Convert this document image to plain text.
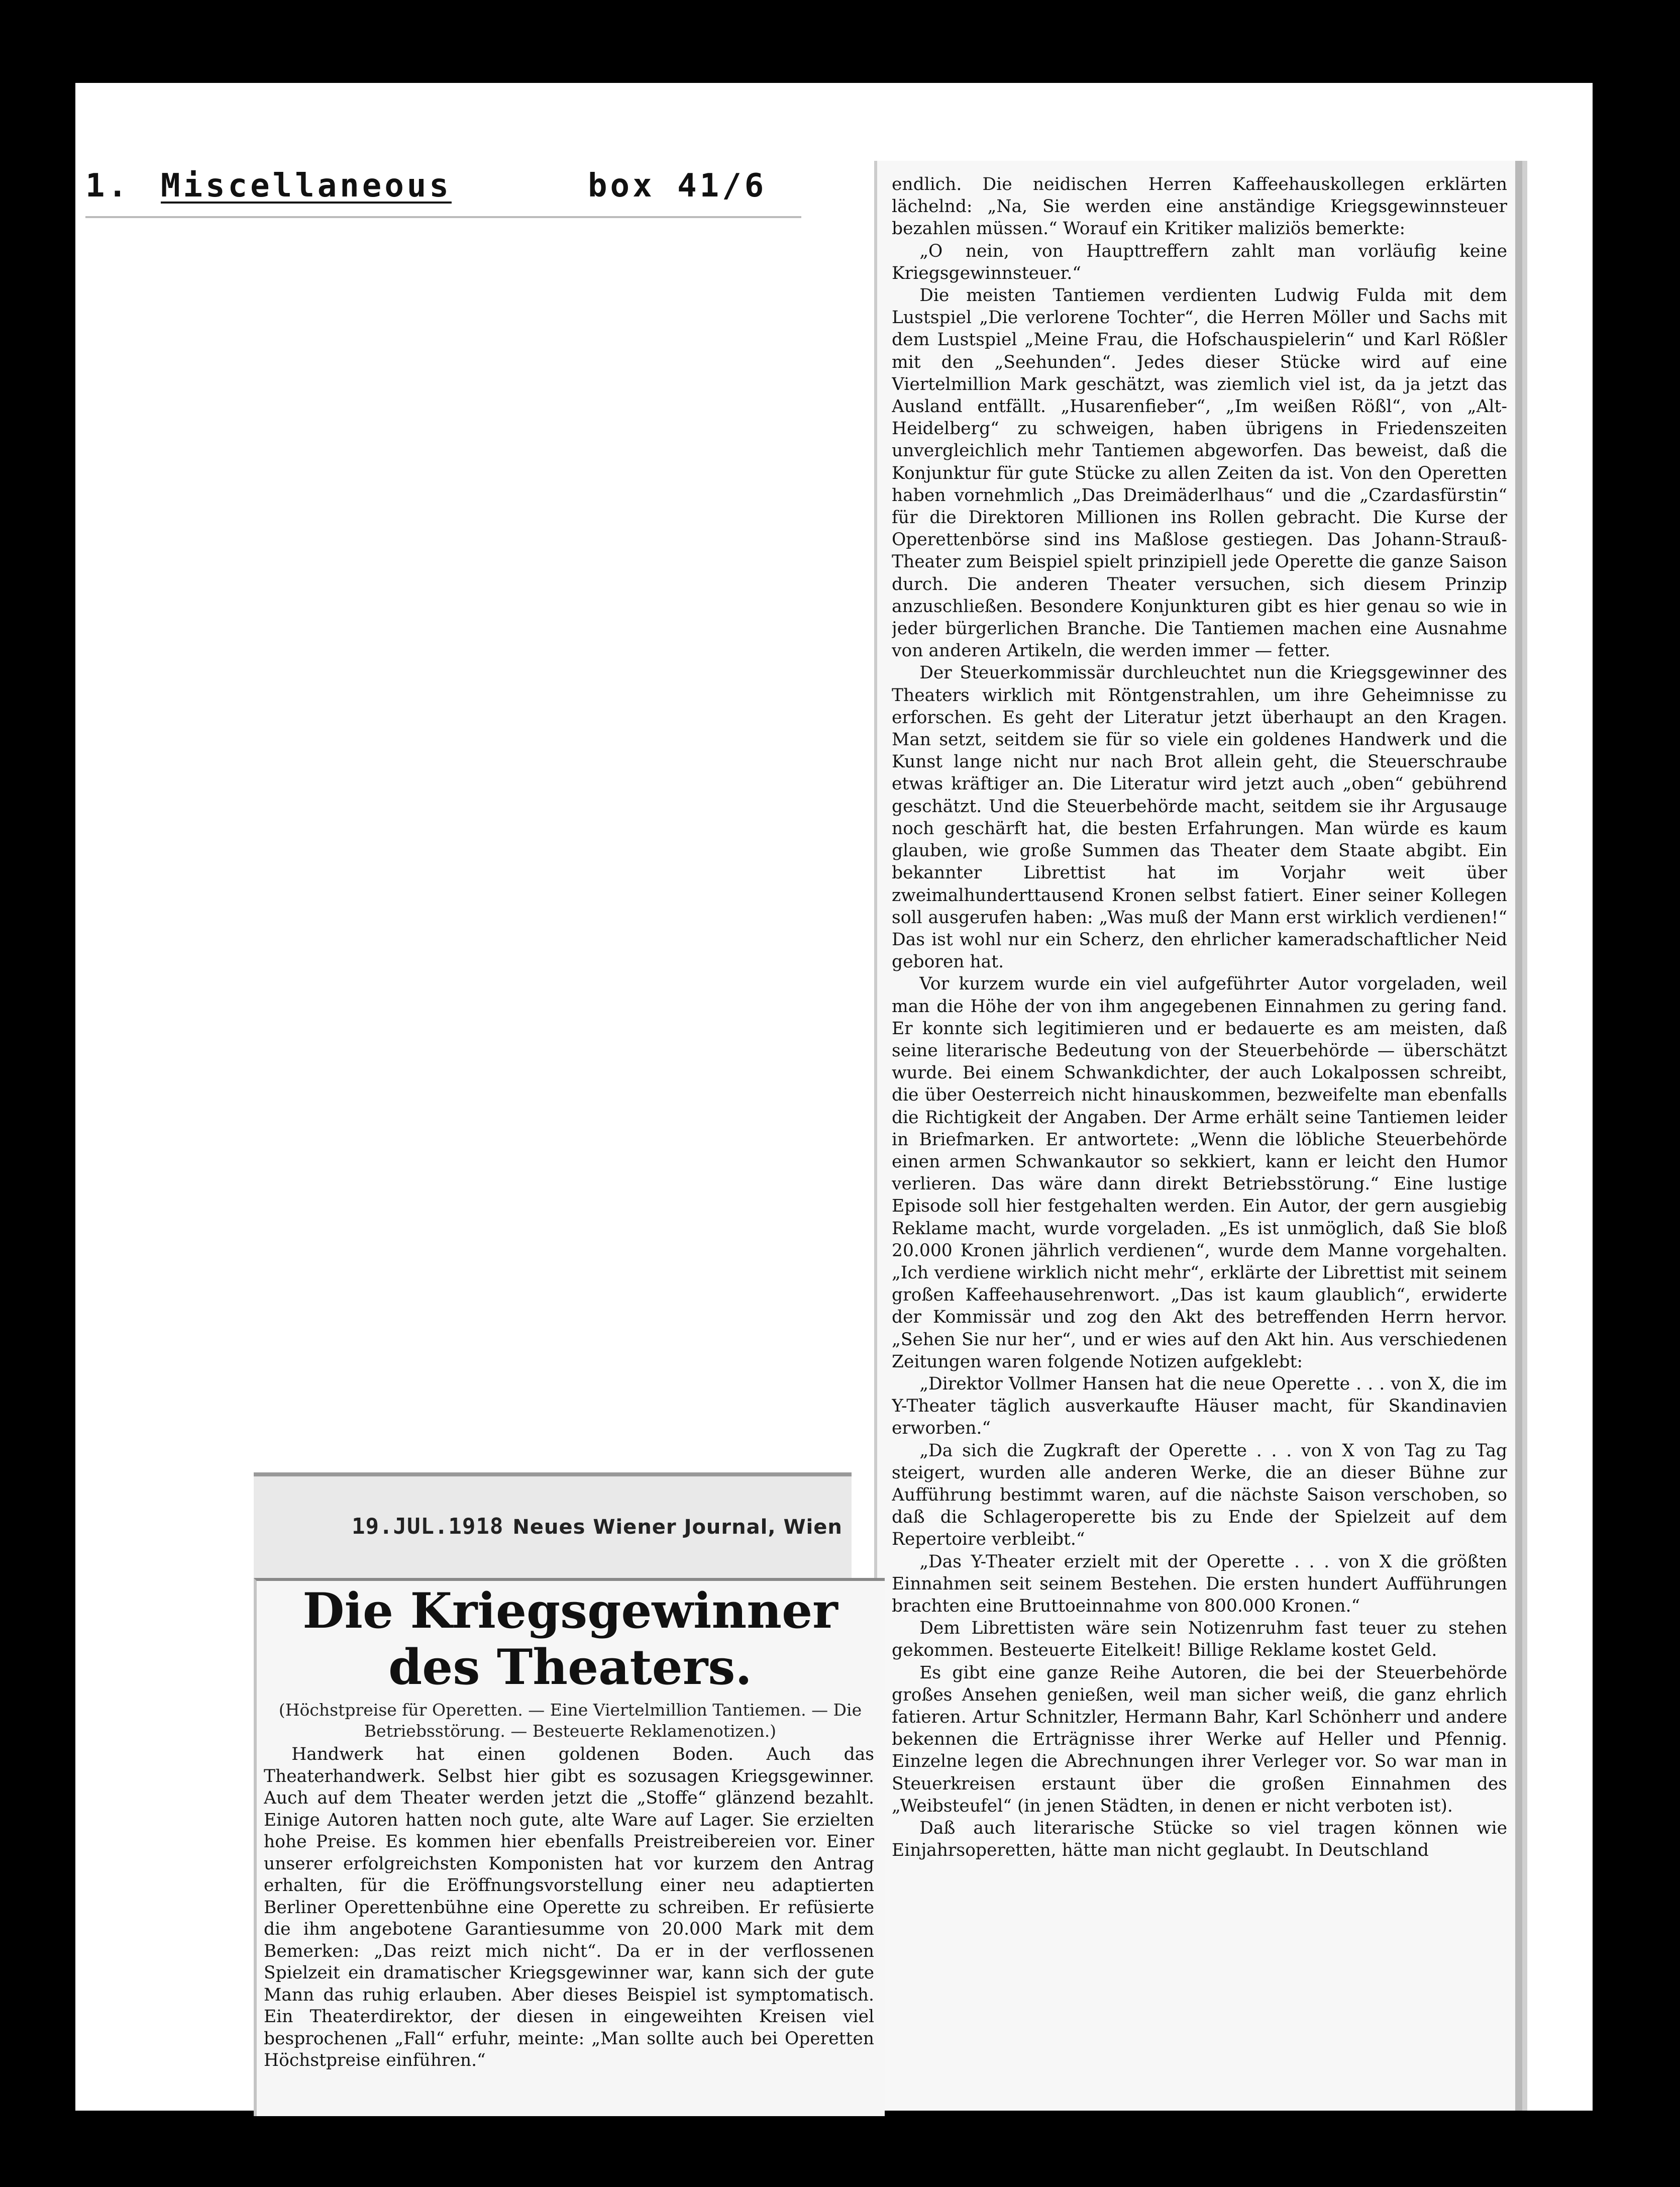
1. Miscellaneous	box 41/6	endlich. Die neidischen Herren Kaffeehauskollegen erklärten lächelnd: „Na, Sie werden eine anständige Kriegsgewinnsteuer bezahlen müssen.“ Worauf ein Kritiker maliziös bemerkte:

„O nein, von Haupttreffern zahlt man vorläufig keine Kriegsgewinnsteuer.“

Die meisten Tantiemen verdienten Ludwig Fulda mit dem Lustspiel „Die verlorene Tochter“, die Herren Möller und Sachs mit dem Lustspiel „Meine Frau, die Hofschauspielerin“ und Karl Rößler mit den „Seehunden“. Jedes dieser Stücke wird auf eine Viertelmillion Mark geschätzt, was ziemlich viel ist, da ja jetzt das Ausland entfällt. „Husarenfieber“, „Im weißen Rößl“, von „Alt-Heidelberg“ zu schweigen, haben übrigens in Friedenszeiten unvergleichlich mehr Tantiemen abgeworfen. Das beweist, daß die Konjunktur für gute Stücke zu allen Zeiten da ist. Von den Operetten haben vornehmlich „Das Dreimäderlhaus“ und die „Czardasfürstin“ für die Direktoren Millionen ins Rollen gebracht. Die Kurse der Operettenbörse sind ins Maßlose gestiegen. Das Johann-Strauß-Theater zum Beispiel spielt prinzipiell jede Operette die ganze Saison durch. Die anderen Theater versuchen, sich diesem Prinzip anzuschließen. Besondere Konjunkturen gibt es hier genau so wie in jeder bürgerlichen Branche. Die Tantiemen machen eine Ausnahme von anderen Artikeln, die werden immer — fetter.

Der Steuerkommissär durchleuchtet nun die Kriegsgewinner des Theaters wirklich mit Röntgenstrahlen, um ihre Geheimnisse zu erforschen. Es geht der Literatur jetzt überhaupt an den Kragen. Man setzt, seitdem sie für so viele ein goldenes Handwerk und die Kunst lange nicht nur nach Brot allein geht, die Steuerschraube etwas kräftiger an. Die Literatur wird jetzt auch „oben“ gebührend geschätzt. Und die Steuerbehörde macht, seitdem sie ihr Argusauge noch geschärft hat, die besten Erfahrungen. Man würde es kaum glauben, wie große Summen das Theater dem Staate abgibt. Ein bekannter Librettist hat im Vorjahr weit über zweimalhunderttausend Kronen selbst fatiert. Einer seiner Kollegen soll ausgerufen haben: „Was muß der Mann erst wirklich verdienen!“ Das ist wohl nur ein Scherz, den ehrlicher kameradschaftlicher Neid geboren hat.

Vor kurzem wurde ein viel aufgeführter Autor vorgeladen, weil man die Höhe der von ihm angegebenen Einnahmen zu gering fand. Er konnte sich legitimieren und er bedauerte es am meisten, daß seine literarische Bedeutung von der Steuerbehörde — überschätzt wurde. Bei einem Schwankdichter, der auch Lokalpossen schreibt, die über Oesterreich nicht hinauskommen, bezweifelte man ebenfalls die Richtigkeit der Angaben. Der Arme erhält seine Tantiemen leider in Briefmarken. Er antwortete: „Wenn die löbliche Steuerbehörde einen armen Schwankautor so sekkiert, kann er leicht den Humor verlieren. Das wäre dann direkt Betriebsstörung.“ Eine lustige Episode soll hier festgehalten werden. Ein Autor, der gern ausgiebig Reklame macht, wurde vorgeladen. „Es ist unmöglich, daß Sie bloß 20.000 Kronen jährlich verdienen“, wurde dem Manne vorgehalten. „Ich verdiene wirklich nicht mehr“, erklärte der Librettist mit seinem großen Kaffeehausehrenwort. „Das ist kaum glaublich“, erwiderte der Kommissär und zog den Akt des betreffenden Herrn hervor. „Sehen Sie nur her“, und er wies auf den Akt hin. Aus verschiedenen Zeitungen waren folgende Notizen aufgeklebt:

„Direktor Vollmer Hansen hat die neue Operette . . . von X, die im Y-Theater täglich ausverkaufte Häuser macht, für Skandinavien erworben.“

„Da sich die Zugkraft der Operette . . . von X von Tag zu Tag steigert, wurden alle anderen Werke, die an dieser Bühne zur Aufführung bestimmt waren, auf die nächste Saison verschoben, so daß die Schlageroperette bis zu Ende der Spielzeit auf dem Repertoire verbleibt.“

„Das Y-Theater erzielt mit der Operette . . . von X die größten Einnahmen seit seinem Bestehen. Die ersten hundert Aufführungen brachten eine Bruttoeinnahme von 800.000 Kronen.“

Dem Librettisten wäre sein Notizenruhm fast teuer zu stehen gekommen. Besteuerte Eitelkeit! Billige Reklame kostet Geld.

Es gibt eine ganze Reihe Autoren, die bei der Steuerbehörde großes Ansehen genießen, weil man sicher weiß, die ganz ehrlich fatieren. Artur Schnitzler, Hermann Bahr, Karl Schönherr und andere bekennen die Erträgnisse ihrer Werke auf Heller und Pfennig. Einzelne legen die Abrechnungen ihrer Verleger vor. So war man in Steuerkreisen erstaunt über die großen Einnahmen des „Weibsteufel“ (in jenen Städten, in denen er nicht verboten ist).

Daß auch literarische Stücke so viel tragen können wie Einjahrsoperetten, hätte man nicht geglaubt. In Deutschland

19.JUL.1918 Neues Wiener Journal, Wien
Die Kriegsgewinner des Theaters.
(Höchstpreise für Operetten. — Eine Viertelmillion Tantiemen. — Die Betriebsstörung. — Besteuerte Reklamenotizen.)

Handwerk hat einen goldenen Boden. Auch das Theaterhandwerk. Selbst hier gibt es sozusagen Kriegsgewinner. Auch auf dem Theater werden jetzt die „Stoffe“ glänzend bezahlt. Einige Autoren hatten noch gute, alte Ware auf Lager. Sie erzielten hohe Preise. Es kommen hier ebenfalls Preistreibereien vor. Einer unserer erfolgreichsten Komponisten hat vor kurzem den Antrag erhalten, für die Eröffnungsvorstellung einer neu adaptierten Berliner Operettenbühne eine Operette zu schreiben. Er refüsierte die ihm angebotene Garantiesumme von 20.000 Mark mit dem Bemerken: „Das reizt mich nicht“. Da er in der verflossenen Spielzeit ein dramatischer Kriegsgewinner war, kann sich der gute Mann das ruhig erlauben. Aber dieses Beispiel ist symptomatisch. Ein Theaterdirektor, der diesen in eingeweihten Kreisen viel besprochenen „Fall“ erfuhr, meinte: „Man sollte auch bei Operetten Höchstpreise einführen.“
